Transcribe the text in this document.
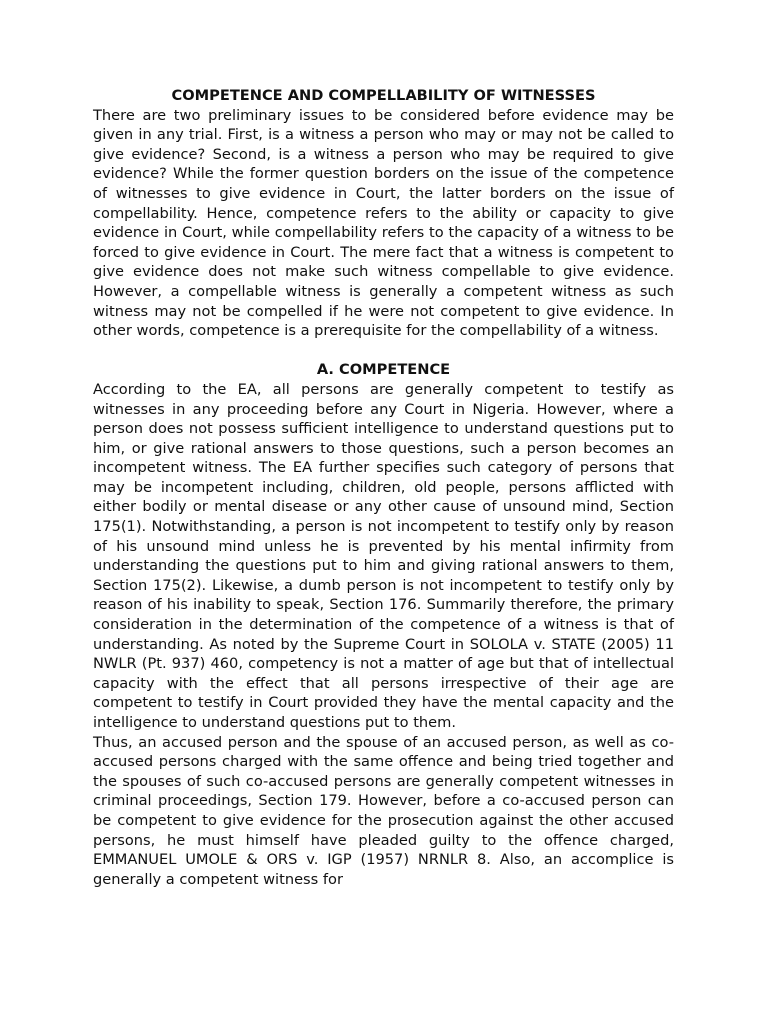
COMPETENCE AND COMPELLABILITY OF WITNESSES

There are two preliminary issues to be considered before evidence may be given in any trial. First, is a witness a person who may or may not be called to give evidence? Second, is a witness a person who may be required to give evidence? While the former question borders on the issue of the competence of witnesses to give evidence in Court, the latter borders on the issue of compellability. Hence, competence refers to the ability or capacity to give evidence in Court, while compellability refers to the capacity of a witness to be forced to give evidence in Court. The mere fact that a witness is competent to give evidence does not make such witness compellable to give evidence. However, a compellable witness is generally a competent witness as such witness may not be compelled if he were not competent to give evidence. In other words, competence is a prerequisite for the compellability of a witness.

A. COMPETENCE

According to the EA, all persons are generally competent to testify as witnesses in any proceeding before any Court in Nigeria. However, where a person does not possess sufficient intelligence to understand questions put to him, or give rational answers to those questions, such a person becomes an incompetent witness. The EA further specifies such category of persons that may be incompetent including, children, old people, persons afflicted with either bodily or mental disease or any other cause of unsound mind, Section 175(1). Notwithstanding, a person is not incompetent to testify only by reason of his unsound mind unless he is prevented by his mental infirmity from understanding the questions put to him and giving rational answers to them, Section 175(2). Likewise, a dumb person is not incompetent to testify only by reason of his inability to speak, Section 176. Summarily therefore, the primary consideration in the determination of the competence of a witness is that of understanding. As noted by the Supreme Court in SOLOLA v. STATE (2005) 11 NWLR (Pt. 937) 460, competency is not a matter of age but that of intellectual capacity with the effect that all persons irrespective of their age are competent to testify in Court provided they have the mental capacity and the intelligence to understand questions put to them.

Thus, an accused person and the spouse of an accused person, as well as co-accused persons charged with the same offence and being tried together and the spouses of such co-accused persons are generally competent witnesses in criminal proceedings, Section 179. However, before a co-accused person can be competent to give evidence for the prosecution against the other accused persons, he must himself have pleaded guilty to the offence charged, EMMANUEL UMOLE & ORS v. IGP (1957) NRNLR 8. Also, an accomplice is generally a competent witness for
